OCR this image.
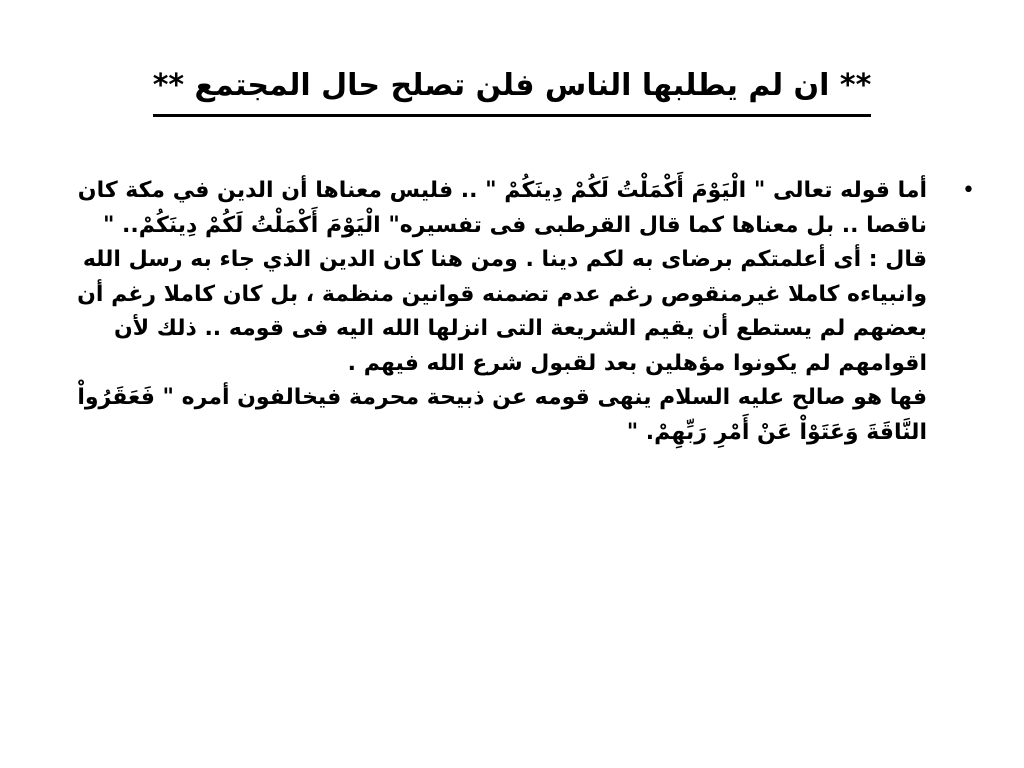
** ان لم يطلبها الناس فلن تصلح حال المجتمع **
•
أما قوله تعالى " الْيَوْمَ أَكْمَلْتُ لَكُمْ دِينَكُمْ " .. فليس معناها أن الدين في مكة كان ناقصا .. بل معناها كما قال القرطبى فى تفسيره" الْيَوْمَ أَكْمَلْتُ لَكُمْ دِينَكُمْ.. " قال : أى أعلمتكم برضاى به لكم دينا . ومن هنا كان الدين الذي جاء به رسل الله وانبياءه كاملا غيرمنقوص رغم عدم تضمنه قوانين منظمة ، بل كان كاملا رغم أن بعضهم لم يستطع أن يقيم الشريعة التى انزلها الله اليه فى قومه .. ذلك لأن اقوامهم لم يكونوا مؤهلين بعد لقبول شرع الله فيهم .
فها هو صالح عليه السلام ينهى قومه عن ذبيحة محرمة فيخالفون أمره " فَعَقَرُواْ النَّاقَةَ وَعَتَوْاْ عَنْ أَمْرِ رَبِّهِمْ. "
